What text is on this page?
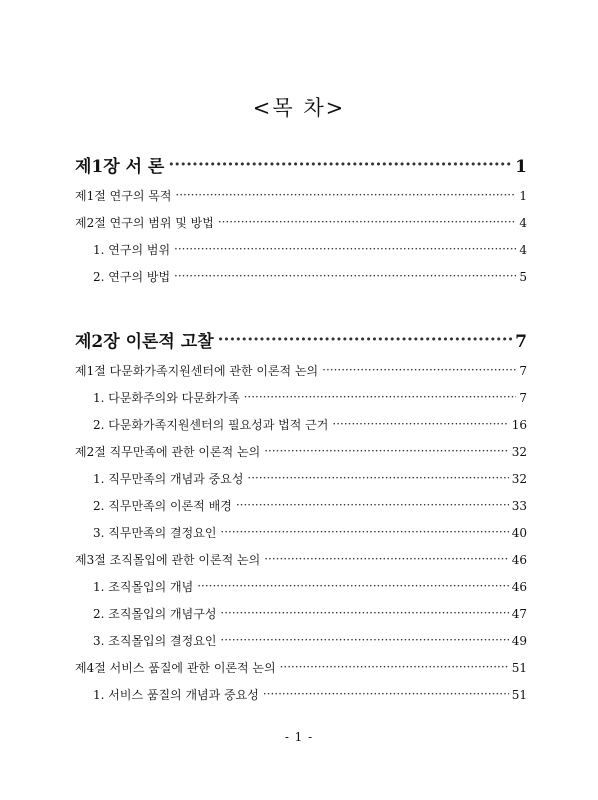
<목 차>
제1장 서 론 ·····	1
제1절 연구의 목적 ·····	1
제2절 연구의 범위 및 방법 ·····	4
1. 연구의 범위 ·····	4
2. 연구의 방법 ·····	5
제2장 이론적 고찰 ·····	7
제1절 다문화가족지원센터에 관한 이론적 논의 ·····	7
1. 다문화주의와 다문화가족 ·····	7
2. 다문화가족지원센터의 필요성과 법적 근거 ·····	16
제2절 직무만족에 관한 이론적 논의 ·····	32
1. 직무만족의 개념과 중요성 ·····	32
2. 직무만족의 이론적 배경 ·····	33
3. 직무만족의 결정요인 ·····	40
제3절 조직몰입에 관한 이론적 논의 ·····	46
1. 조직몰입의 개념 ·····	46
2. 조직몰입의 개념구성 ·····	47
3. 조직몰입의 결정요인 ·····	49
제4절 서비스 품질에 관한 이론적 논의 ·····	51
1. 서비스 품질의 개념과 중요성 ·····	51
- 1 -
